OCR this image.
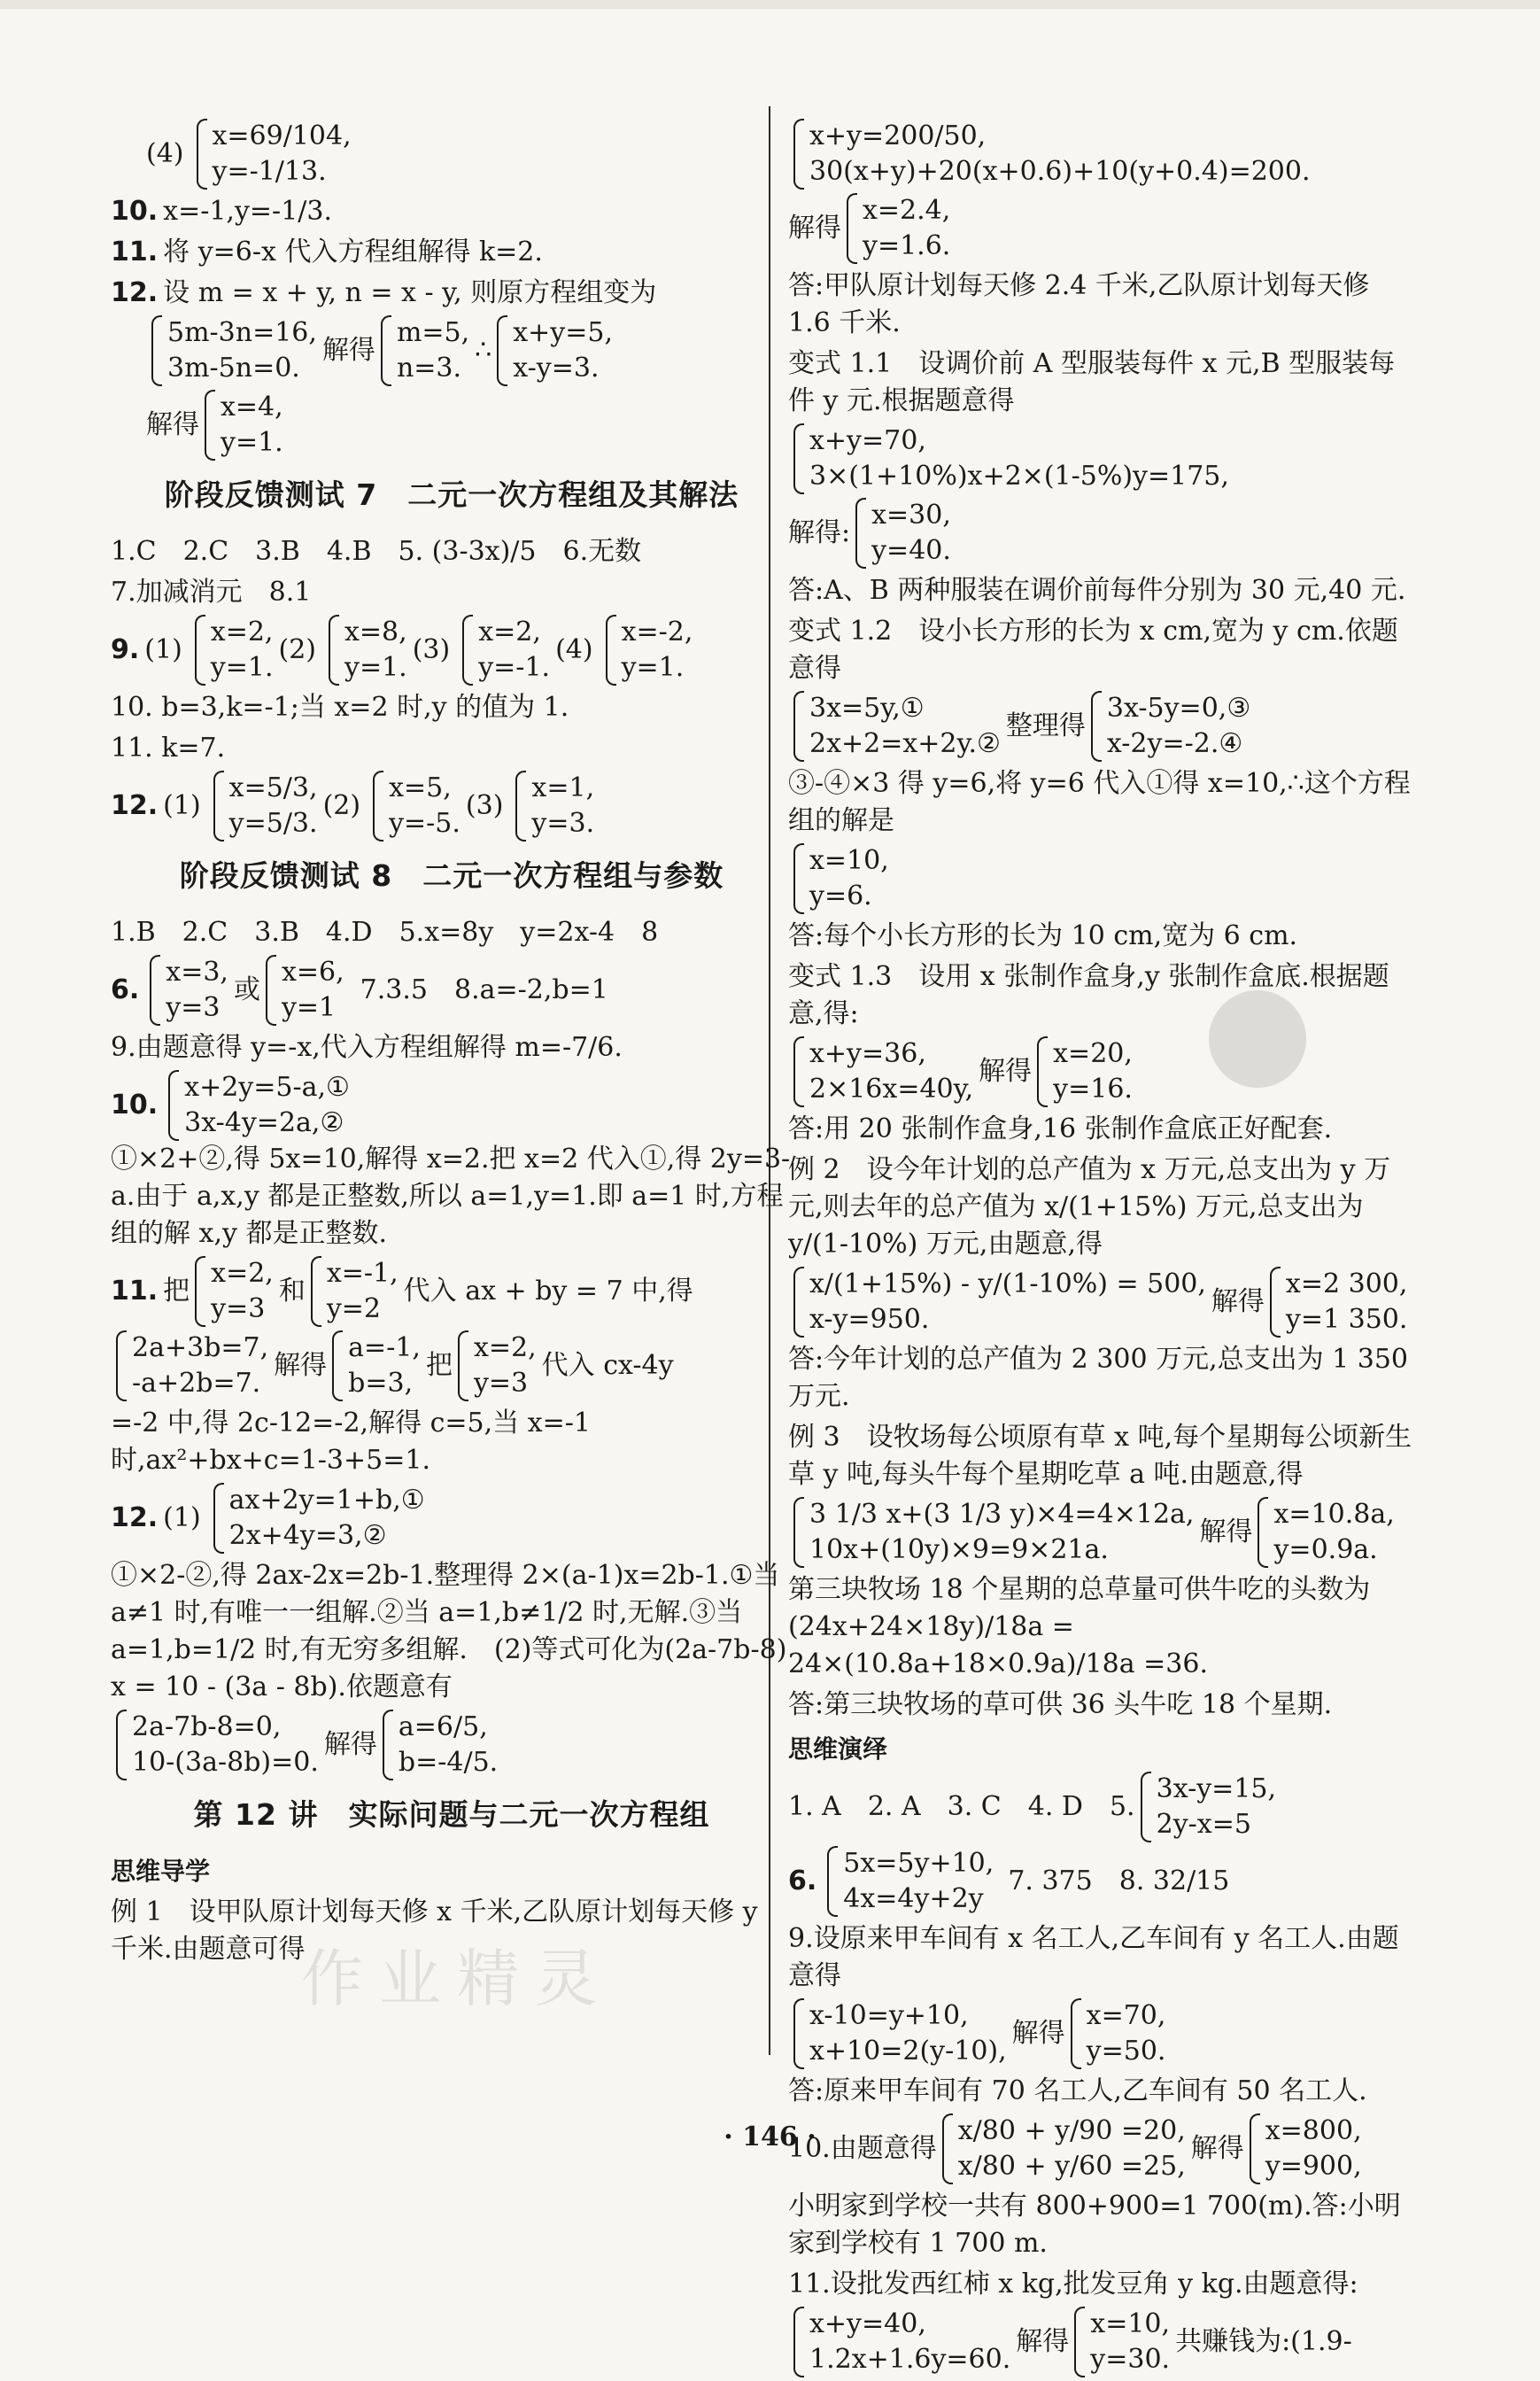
(4)
x=69/104,
y=-1/13.
10. x=-1,y=-1/3.
11. 将 y=6-x 代入方程组解得 k=2.
12. 设 m = x + y, n = x - y, 则原方程组变为
5m-3n=16,
3m-5n=0.
解得
m=5,
n=3.
∴
x+y=5,
x-y=3.
解得
x=4,
y=1.
阶段反馈测试 7　二元一次方程组及其解法
1.C　2.C　3.B　4.B　5. (3-3x)/5　6.无数
7.加减消元　8.1
9. (1)
x=2,
y=1.
(2)
x=8,
y=1.
(3)
x=2,
y=-1.
(4)
x=-2,
y=1.
10. b=3,k=-1;当 x=2 时,y 的值为 1.
11. k=7.
12. (1)
x=5/3,
y=5/3.
(2)
x=5,
y=-5.
(3)
x=1,
y=3.
阶段反馈测试 8　二元一次方程组与参数
1.B　2.C　3.B　4.D　5.x=8y　y=2x-4　8
6.
x=3,
y=3
或
x=6,
y=1
7.3.5　8.a=-2,b=1
9.由题意得 y=-x,代入方程组解得 m=-7/6.
10.
x+2y=5-a,①
3x-4y=2a,②
①×2+②,得 5x=10,解得 x=2.把 x=2 代入①,得 2y=3-a.由于 a,x,y 都是正整数,所以 a=1,y=1.即 a=1 时,方程组的解 x,y 都是正整数.
11. 把
x=2,
y=3
和
x=-1,
y=2
代入 ax + by = 7 中,得
2a+3b=7,
-a+2b=7.
解得
a=-1,
b=3,
把
x=2,
y=3
代入 cx-4y
=-2 中,得 2c-12=-2,解得 c=5,当 x=-1 时,ax²+bx+c=1-3+5=1.
12. (1)
ax+2y=1+b,①
2x+4y=3,②
①×2-②,得 2ax-2x=2b-1.整理得 2×(a-1)x=2b-1.①当 a≠1 时,有唯一一组解.②当 a=1,b≠1/2 时,无解.③当 a=1,b=1/2 时,有无穷多组解.　(2)等式可化为(2a-7b-8) x = 10 - (3a - 8b).依题意有
2a-7b-8=0,
10-(3a-8b)=0.
解得
a=6/5,
b=-4/5.
第 12 讲　实际问题与二元一次方程组
思维导学
例 1　设甲队原计划每天修 x 千米,乙队原计划每天修 y 千米.由题意可得
x+y=200/50,
30(x+y)+20(x+0.6)+10(y+0.4)=200.
解得
x=2.4,
y=1.6.
答:甲队原计划每天修 2.4 千米,乙队原计划每天修 1.6 千米.
变式 1.1　设调价前 A 型服装每件 x 元,B 型服装每件 y 元.根据题意得
x+y=70,
3×(1+10%)x+2×(1-5%)y=175,
解得:
x=30,
y=40.
答:A、B 两种服装在调价前每件分别为 30 元,40 元.
变式 1.2　设小长方形的长为 x cm,宽为 y cm.依题意得
3x=5y,①
2x+2=x+2y.②
整理得
3x-5y=0,③
x-2y=-2.④
③-④×3 得 y=6,将 y=6 代入①得 x=10,∴这个方程组的解是
x=10,
y=6.
答:每个小长方形的长为 10 cm,宽为 6 cm.
变式 1.3　设用 x 张制作盒身,y 张制作盒底.根据题意,得:
x+y=36,
2×16x=40y,
解得
x=20,
y=16.
答:用 20 张制作盒身,16 张制作盒底正好配套.
例 2　设今年计划的总产值为 x 万元,总支出为 y 万元,则去年的总产值为 x/(1+15%) 万元,总支出为 y/(1-10%) 万元,由题意,得
x/(1+15%) - y/(1-10%) = 500,
x-y=950.
解得
x=2 300,
y=1 350.
答:今年计划的总产值为 2 300 万元,总支出为 1 350 万元.
例 3　设牧场每公顷原有草 x 吨,每个星期每公顷新生草 y 吨,每头牛每个星期吃草 a 吨.由题意,得
3 1/3 x+(3 1/3 y)×4=4×12a,
10x+(10y)×9=9×21a.
解得
x=10.8a,
y=0.9a.
第三块牧场 18 个星期的总草量可供牛吃的头数为 (24x+24×18y)/18a = 24×(10.8a+18×0.9a)/18a =36.
答:第三块牧场的草可供 36 头牛吃 18 个星期.
思维演绎
1. A　2. A　3. C　4. D　5.
3x-y=15,
2y-x=5
6.
5x=5y+10,
4x=4y+2y
7. 375　8. 32/15
9.设原来甲车间有 x 名工人,乙车间有 y 名工人.由题意得
x-10=y+10,
x+10=2(y-10),
解得
x=70,
y=50.
答:原来甲车间有 70 名工人,乙车间有 50 名工人.
10.由题意得
x/80 + y/90 =20,
x/80 + y/60 =25,
解得
x=800,
y=900,
小明家到学校一共有 800+900=1 700(m).答:小明家到学校有 1 700 m.
11.设批发西红柿 x kg,批发豆角 y kg.由题意得:
x+y=40,
1.2x+1.6y=60.
解得
x=10,
y=30.
共赚钱为:(1.9-
作业精灵
· 146 ·
